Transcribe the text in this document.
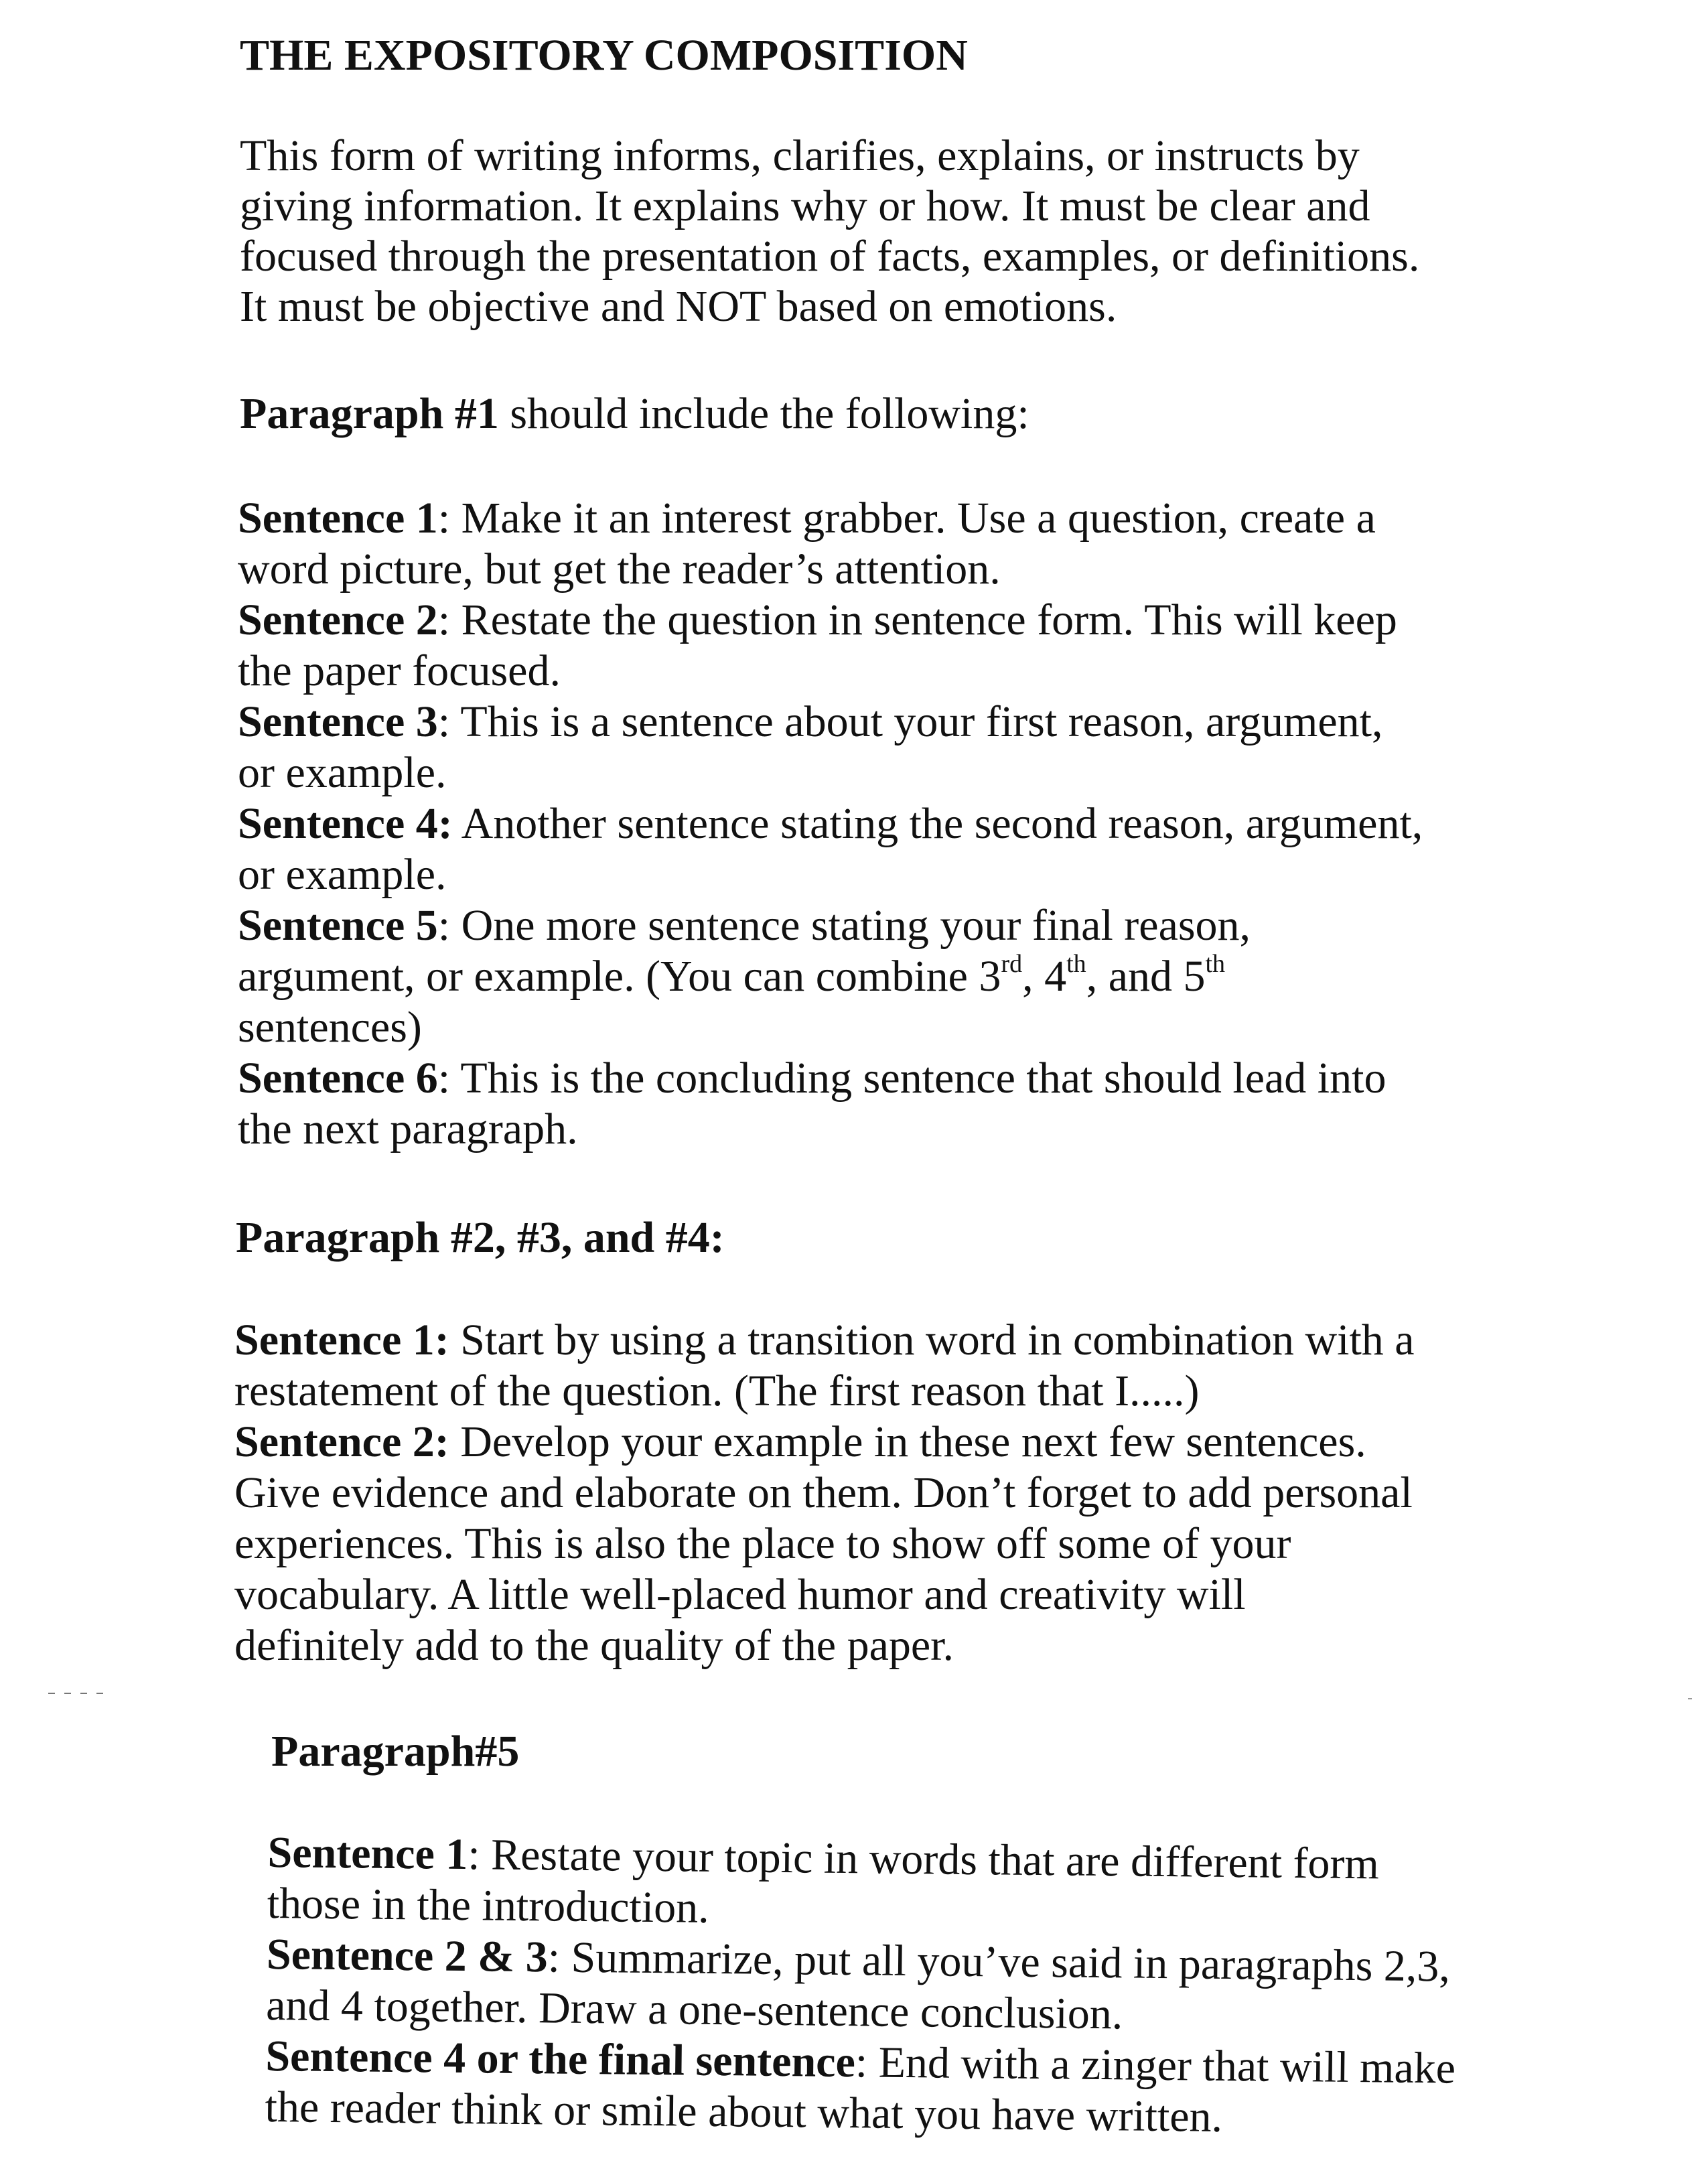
THE EXPOSITORY COMPOSITION
This form of writing informs, clarifies, explains, or instructs by
giving information. It explains why or how. It must be clear and
focused through the presentation of facts, examples, or definitions.
It must be objective and NOT based on emotions.
Paragraph #1 should include the following:
Sentence 1: Make it an interest grabber. Use a question, create a
word picture, but get the reader’s attention.
Sentence 2: Restate the question in sentence form. This will keep
the paper focused.
Sentence 3: This is a sentence about your first reason, argument,
or example.
Sentence 4: Another sentence stating the second reason, argument,
or example.
Sentence 5: One more sentence stating your final reason,
argument, or example. (You can combine 3rd, 4th, and 5th
sentences)
Sentence 6: This is the concluding sentence that should lead into
the next paragraph.
Paragraph #2, #3, and #4:
Sentence 1: Start by using a transition word in combination with a
restatement of the question. (The first reason that I.....)
Sentence 2: Develop your example in these next few sentences.
Give evidence and elaborate on them. Don’t forget to add personal
experiences. This is also the place to show off some of your
vocabulary. A little well-placed humor and creativity will
definitely add to the quality of the paper.
Paragraph#5
Sentence 1: Restate your topic in words that are different form
those in the introduction.
Sentence 2 & 3: Summarize, put all you’ve said in paragraphs 2,3,
and 4 together. Draw a one-sentence conclusion.
Sentence 4 or the final sentence: End with a zinger that will make
the reader think or smile about what you have written.
